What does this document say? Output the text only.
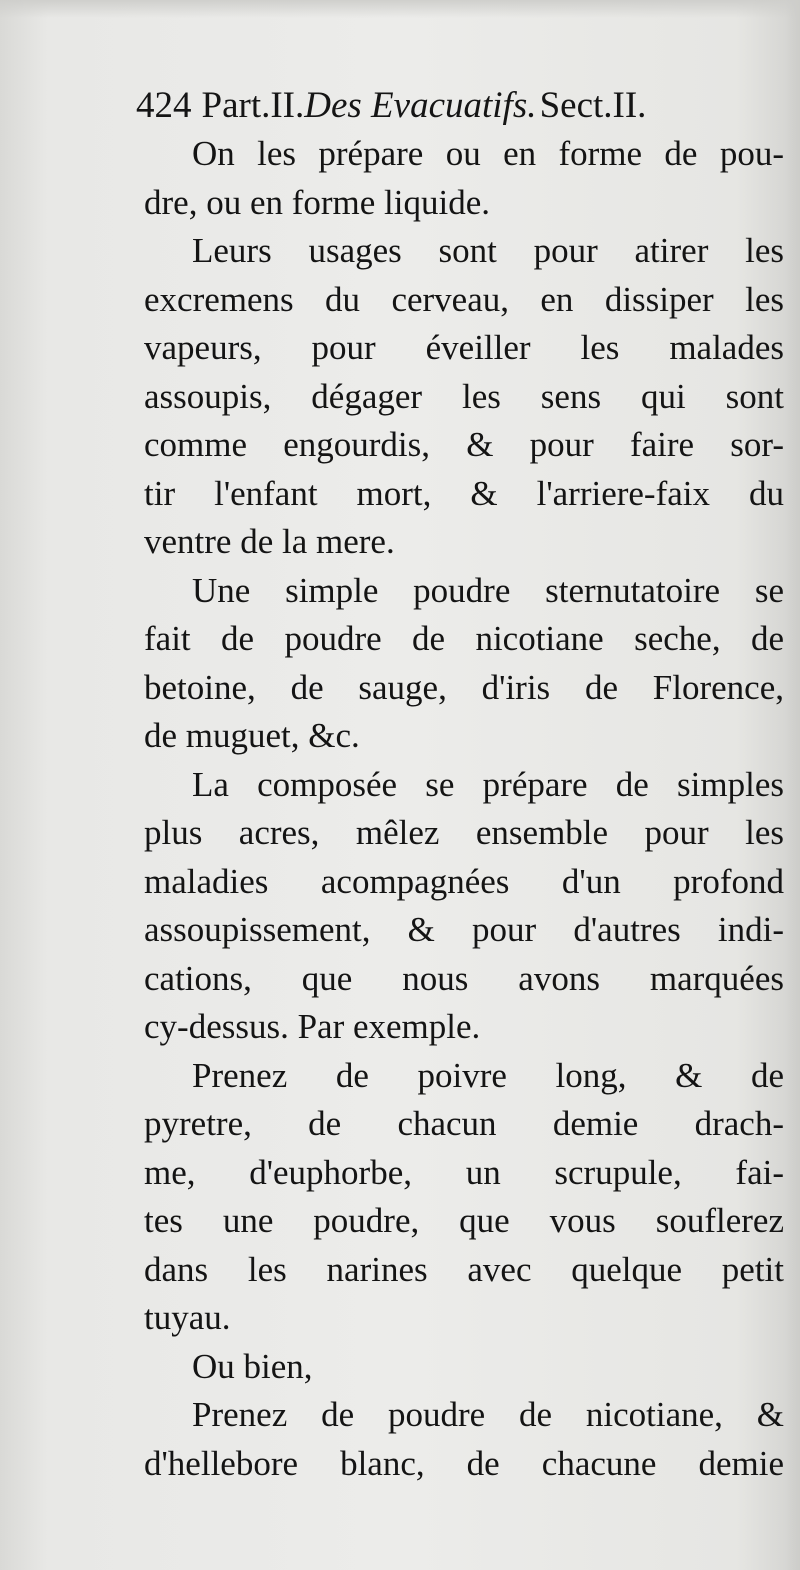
424 Part.II.Des Evacuatifs. Sect.II.
On les prépare ou en forme de pou-
dre, ou en forme liquide.
Leurs usages sont pour atirer les
excremens du cerveau, en dissiper les
vapeurs, pour éveiller les malades
assoupis, dégager les sens qui sont
comme engourdis, & pour faire sor-
tir l'enfant mort, & l'arriere-faix du
ventre de la mere.
Une simple poudre sternutatoire se
fait de poudre de nicotiane seche, de
betoine, de sauge, d'iris de Florence,
de muguet, &c.
La composée se prépare de simples
plus acres, mêlez ensemble pour les
maladies acompagnées d'un profond
assoupissement, & pour d'autres indi-
cations, que nous avons marquées
cy-dessus. Par exemple.
Prenez de poivre long, & de
pyretre, de chacun demie drach-
me, d'euphorbe, un scrupule, fai-
tes une poudre, que vous souflerez
dans les narines avec quelque petit
tuyau.
Ou bien,
Prenez de poudre de nicotiane, &
d'hellebore blanc, de chacune demie
